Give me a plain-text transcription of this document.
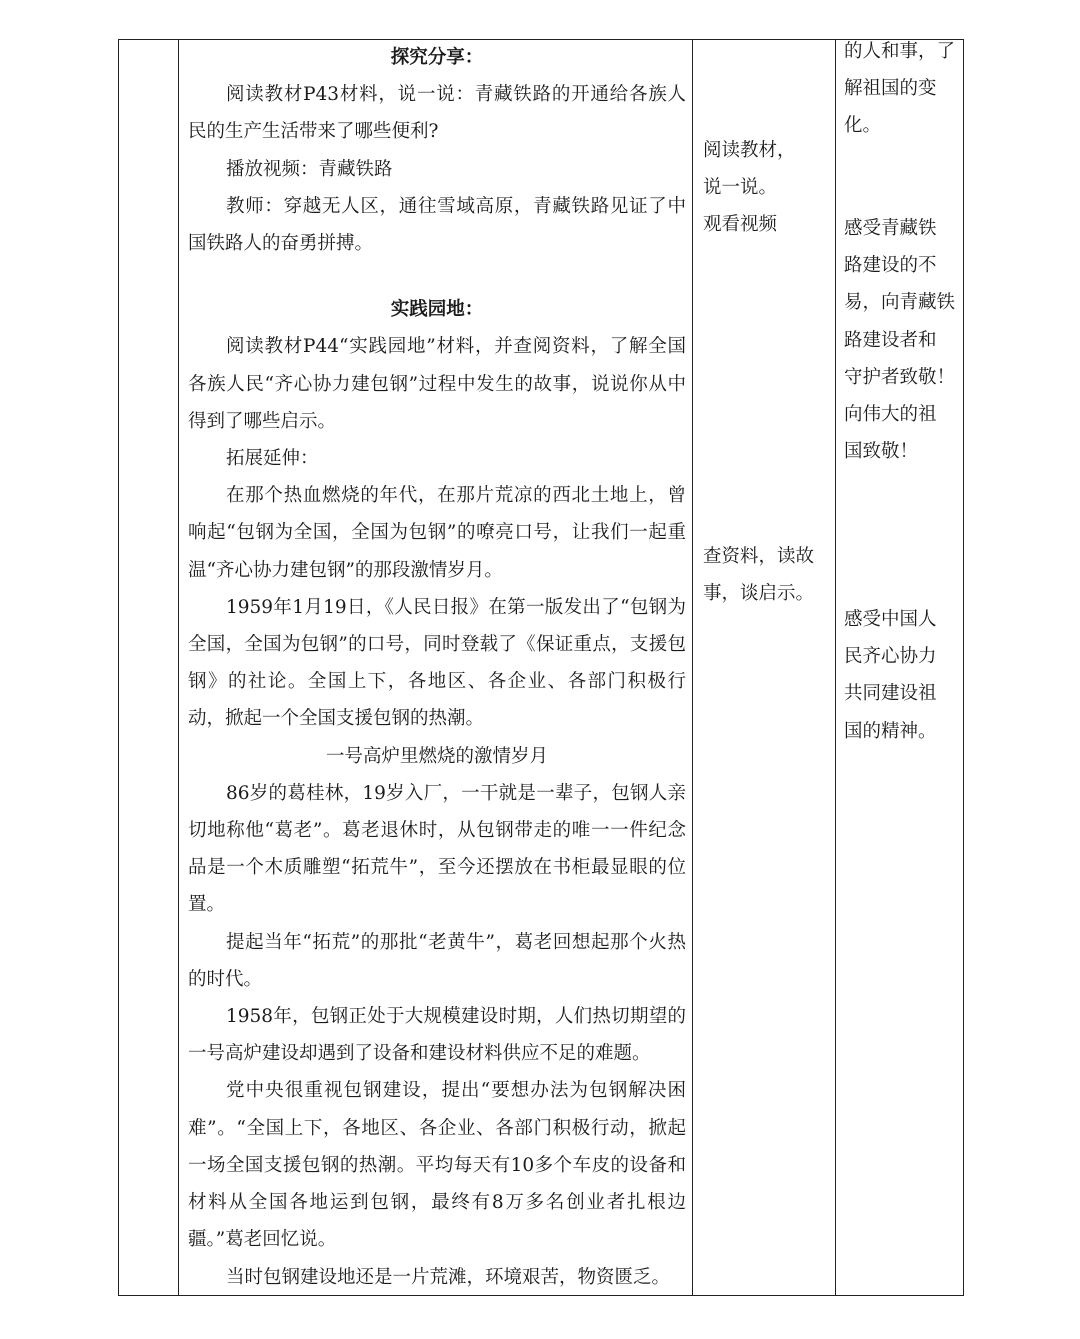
探究分享：

阅读教材P43材料，说一说：青藏铁路的开通给各族人民的生产生活带来了哪些便利?

播放视频：青藏铁路

教师：穿越无人区，通往雪域高原，青藏铁路见证了中国铁路人的奋勇拼搏。

实践园地：

阅读教材P44“实践园地”材料，并查阅资料，了解全国各族人民“齐心协力建包钢”过程中发生的故事，说说你从中得到了哪些启示。

拓展延伸：

在那个热血燃烧的年代，在那片荒凉的西北土地上，曾响起“包钢为全国，全国为包钢”的嘹亮口号，让我们一起重温“齐心协力建包钢”的那段激情岁月。

1959年1月19日，《人民日报》在第一版发出了“包钢为全国，全国为包钢”的口号，同时登载了《保证重点，支援包钢》的社论。全国上下，各地区、各企业、各部门积极行动，掀起一个全国支援包钢的热潮。

一号高炉里燃烧的激情岁月

86岁的葛桂林，19岁入厂，一干就是一辈子，包钢人亲切地称他“葛老”。葛老退休时，从包钢带走的唯一一件纪念品是一个木质雕塑“拓荒牛”，至今还摆放在书柜最显眼的位置。

提起当年“拓荒”的那批“老黄牛”，葛老回想起那个火热的时代。

1958年，包钢正处于大规模建设时期，人们热切期望的一号高炉建设却遇到了设备和建设材料供应不足的难题。

党中央很重视包钢建设，提出“要想办法为包钢解决困难”。“全国上下，各地区、各企业、各部门积极行动，掀起一场全国支援包钢的热潮。平均每天有10多个车皮的设备和材料从全国各地运到包钢，最终有8万多名创业者扎根边疆。”葛老回忆说。

当时包钢建设地还是一片荒滩，环境艰苦，物资匮乏。

阅读教材，

说一说。

观看视频

查资料，读故

事，谈启示。

的人和事，了

解祖国的变

化。

感受青藏铁

路建设的不

易，向青藏铁

路建设者和

守护者致敬！

向伟大的祖

国致敬！

感受中国人

民齐心协力

共同建设祖

国的精神。
